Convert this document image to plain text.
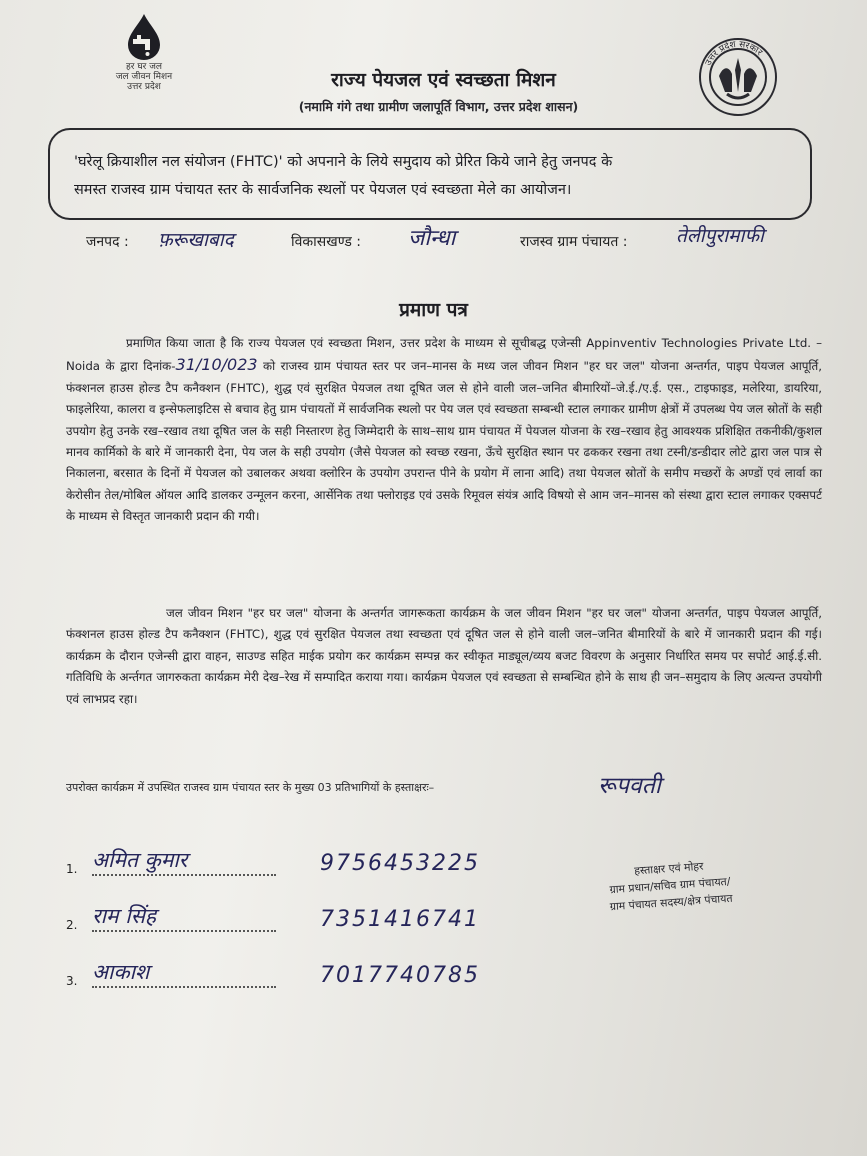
हर घर जल
जल जीवन मिशन
उत्तर प्रदेश
उत्तर प्रदेश सरकार
राज्य पेयजल एवं स्वच्छता मिशन
(नमामि गंगे तथा ग्रामीण जलापूर्ति विभाग, उत्तर प्रदेश शासन)
'घरेलू क्रियाशील नल संयोजन (FHTC)' को अपनाने के लिये समुदाय को प्रेरित किये जाने हेतु जनपद के
समस्त राजस्व ग्राम पंचायत स्तर के सार्वजनिक स्थलों पर पेयजल एवं स्वच्छता मेले का आयोजन।
जनपद : फ़रूखाबाद	विकासखण्ड : जौन्धा	राजस्व ग्राम पंचायत :	तेलीपुरामाफी
प्रमाण पत्र
प्रमाणित किया जाता है कि राज्य पेयजल एवं स्वच्छता मिशन, उत्तर प्रदेश के माध्यम से सूचीबद्ध एजेन्सी Appinventiv Technologies Private Ltd. – Noida के द्वारा दिनांक-31/10/023 को राजस्व ग्राम पंचायत स्तर पर जन–मानस के मध्य जल जीवन मिशन "हर घर जल" योजना अन्तर्गत, पाइप पेयजल आपूर्ति, फंक्शनल हाउस होल्ड टैप कनैक्शन (FHTC), शुद्ध एवं सुरक्षित पेयजल तथा दूषित जल से होने वाली जल–जनित बीमारियों–जे.ई./ए.ई. एस., टाइफाइड, मलेरिया, डायरिया, फाइलेरिया, कालरा व इन्सेफलाइटिस से बचाव हेतु ग्राम पंचायतों में सार्वजनिक स्थलो पर पेय जल एवं स्वच्छता सम्बन्धी स्टाल लगाकर ग्रामीण क्षेत्रों में उपलब्ध पेय जल स्रोतों के सही उपयोग हेतु उनके रख–रखाव तथा दूषित जल के सही निस्तारण हेतु जिम्मेदारी के साथ–साथ ग्राम पंचायत में पेयजल योजना के रख–रखाव हेतु आवश्यक प्रशिक्षित तकनीकी/कुशल मानव कार्मिको के बारे में जानकारी देना, पेय जल के सही उपयोग (जैसे पेयजल को स्वच्छ रखना, ऊँचे सुरक्षित स्थान पर ढककर रखना तथा टस्नी/डन्डीदार लोटे द्वारा जल पात्र से निकालना, बरसात के दिनों में पेयजल को उबालकर अथवा क्लोरिन के उपयोग उपरान्त पीने के प्रयोग में लाना आदि) तथा पेयजल स्रोतों के समीप मच्छरों के अण्डों एवं लार्वा का केरोसीन तेल/मोबिल ऑयल आदि डालकर उन्मूलन करना, आर्सेनिक तथा फ्लोराइड एवं उसके रिमूवल संयंत्र आदि विषयो से आम जन–मानस को संस्था द्वारा स्टाल लगाकर एक्सपर्ट के माध्यम से विस्तृत जानकारी प्रदान की गयी।
जल जीवन मिशन "हर घर जल" योजना के अन्तर्गत जागरूकता कार्यक्रम के जल जीवन मिशन "हर घर जल" योजना अन्तर्गत, पाइप पेयजल आपूर्ति, फंक्शनल हाउस होल्ड टैप कनैक्शन (FHTC), शुद्ध एवं सुरक्षित पेयजल तथा स्वच्छता एवं दूषित जल से होने वाली जल–जनित बीमारियों के बारे में जानकारी प्रदान की गई। कार्यक्रम के दौरान एजेन्सी द्वारा वाहन, साउण्ड सहित माईक प्रयोग कर कार्यक्रम सम्पन्न कर स्वीकृत माड्यूल/व्यय बजट विवरण के अनुसार निर्धारित समय पर सपोर्ट आई.ई.सी. गतिविधि के अर्न्तगत जागरुकता कार्यक्रम मेरी देख–रेख में सम्पादित कराया गया। कार्यक्रम पेयजल एवं स्वच्छता से सम्बन्धित होने के साथ ही जन–समुदाय के लिए अत्यन्त उपयोगी एवं लाभप्रद रहा।
उपरोक्त कार्यक्रम में उपस्थित राजस्व ग्राम पंचायत स्तर के मुख्य 03 प्रतिभागियों के हस्ताक्षरः–
1. अमित कुमार	9756453225
2. राम सिंह	7351416741
3. आकाश	7017740785
रूपवती
हस्ताक्षर एवं मोहर
ग्राम प्रधान/सचिव ग्राम पंचायत/
ग्राम पंचायत सदस्य/क्षेत्र पंचायत
